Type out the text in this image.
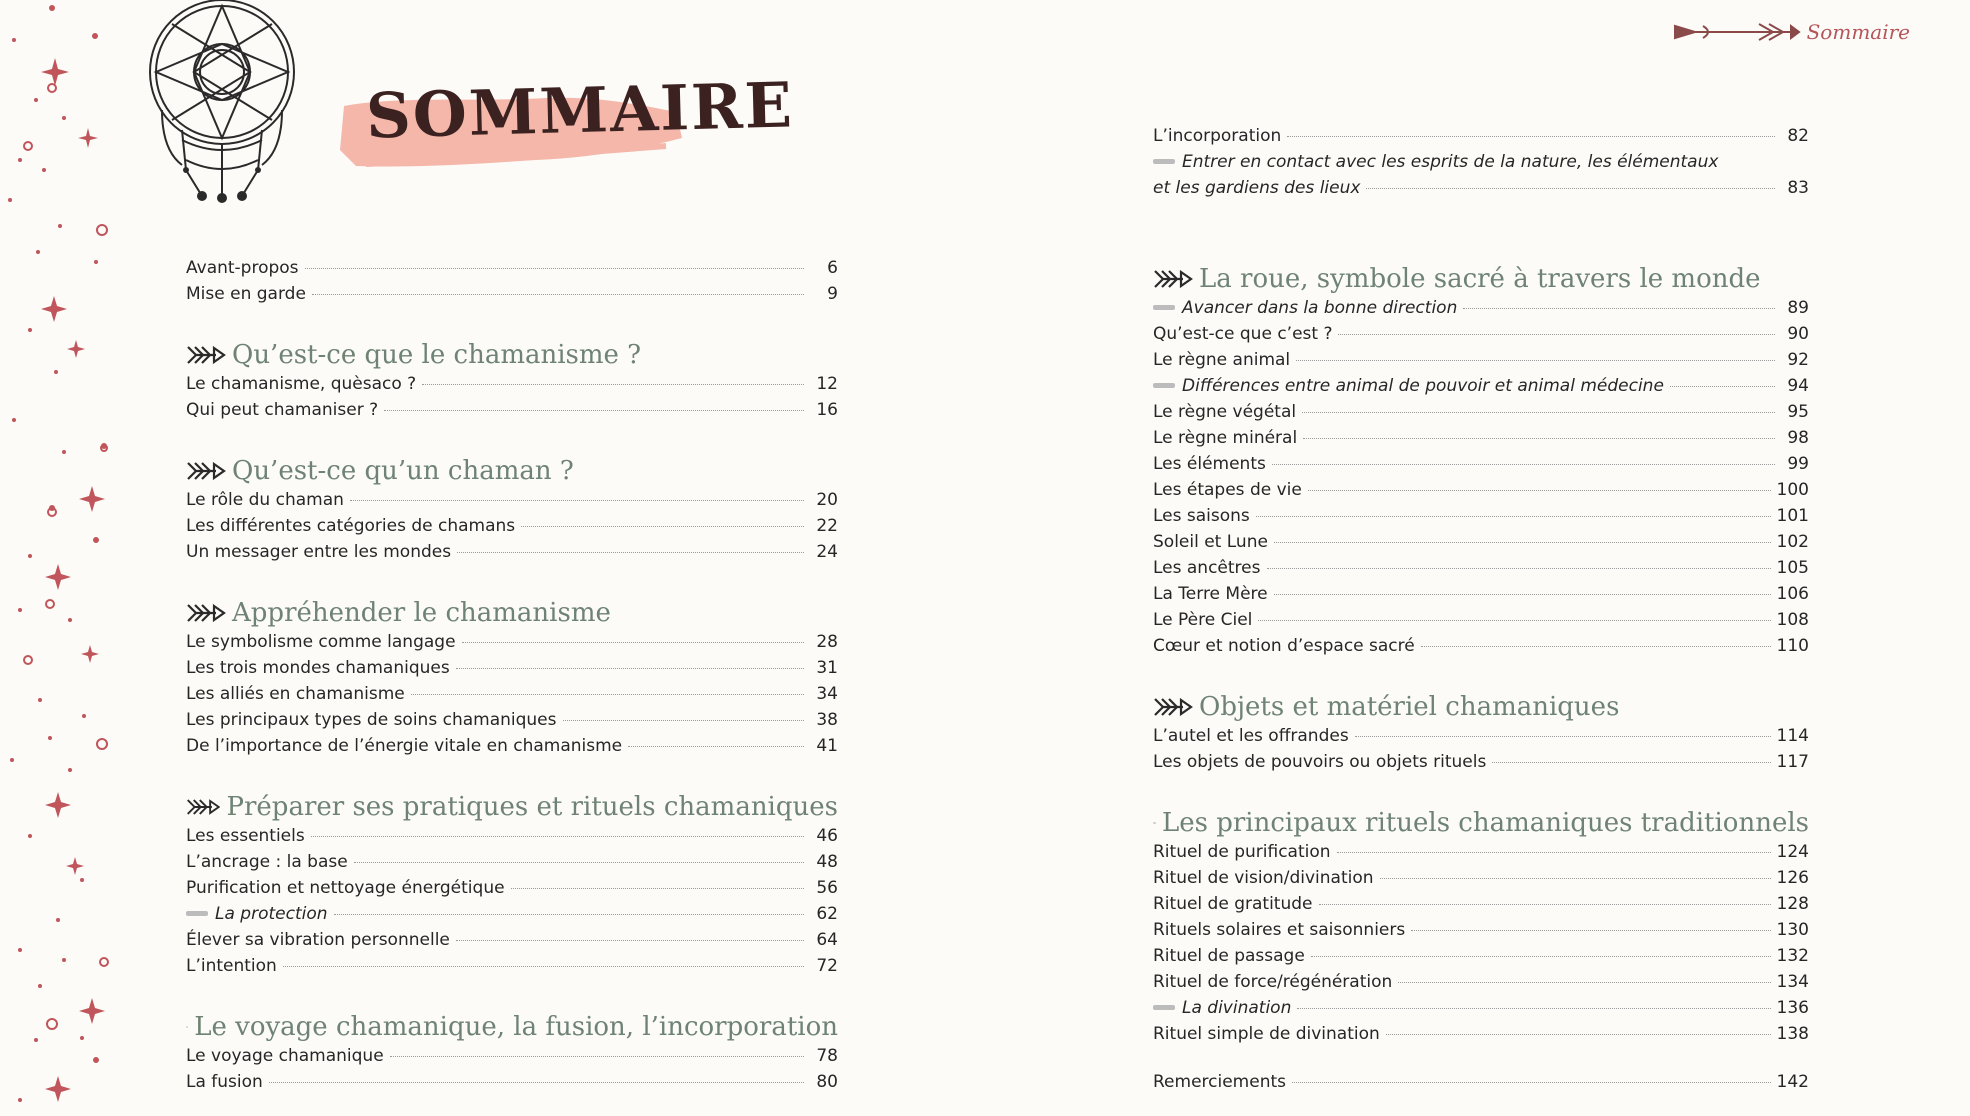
SOMMAIRE
Sommaire
Avant-propos	6
Mise en garde	9
Qu’est-ce que le chamanisme ?
Le chamanisme, quèsaco ?	12
Qui peut chamaniser ?	16
Qu’est-ce qu’un chaman ?
Le rôle du chaman	20
Les différentes catégories de chamans	22
Un messager entre les mondes	24
Appréhender le chamanisme
Le symbolisme comme langage	28
Les trois mondes chamaniques	31
Les alliés en chamanisme	34
Les principaux types de soins chamaniques	38
De l’importance de l’énergie vitale en chamanisme	41
Préparer ses pratiques et rituels chamaniques
Les essentiels	46
L’ancrage : la base	48
Purification et nettoyage énergétique	56
La protection	62
Élever sa vibration personnelle	64
L’intention	72
Le voyage chamanique, la fusion, l’incorporation
Le voyage chamanique	78
La fusion	80
L’incorporation	82
Entrer en contact avec les esprits de la nature, les élémentaux
et les gardiens des lieux	83
La roue, symbole sacré à travers le monde
Avancer dans la bonne direction	89
Qu’est-ce que c’est ?	90
Le règne animal	92
Différences entre animal de pouvoir et animal médecine	94
Le règne végétal	95
Le règne minéral	98
Les éléments	99
Les étapes de vie	100
Les saisons	101
Soleil et Lune	102
Les ancêtres	105
La Terre Mère	106
Le Père Ciel	108
Cœur et notion d’espace sacré	110
Objets et matériel chamaniques
L’autel et les offrandes	114
Les objets de pouvoirs ou objets rituels	117
Les principaux rituels chamaniques traditionnels
Rituel de purification	124
Rituel de vision/divination	126
Rituel de gratitude	128
Rituels solaires et saisonniers	130
Rituel de passage	132
Rituel de force/régénération	134
La divination	136
Rituel simple de divination	138
Remerciements	142
